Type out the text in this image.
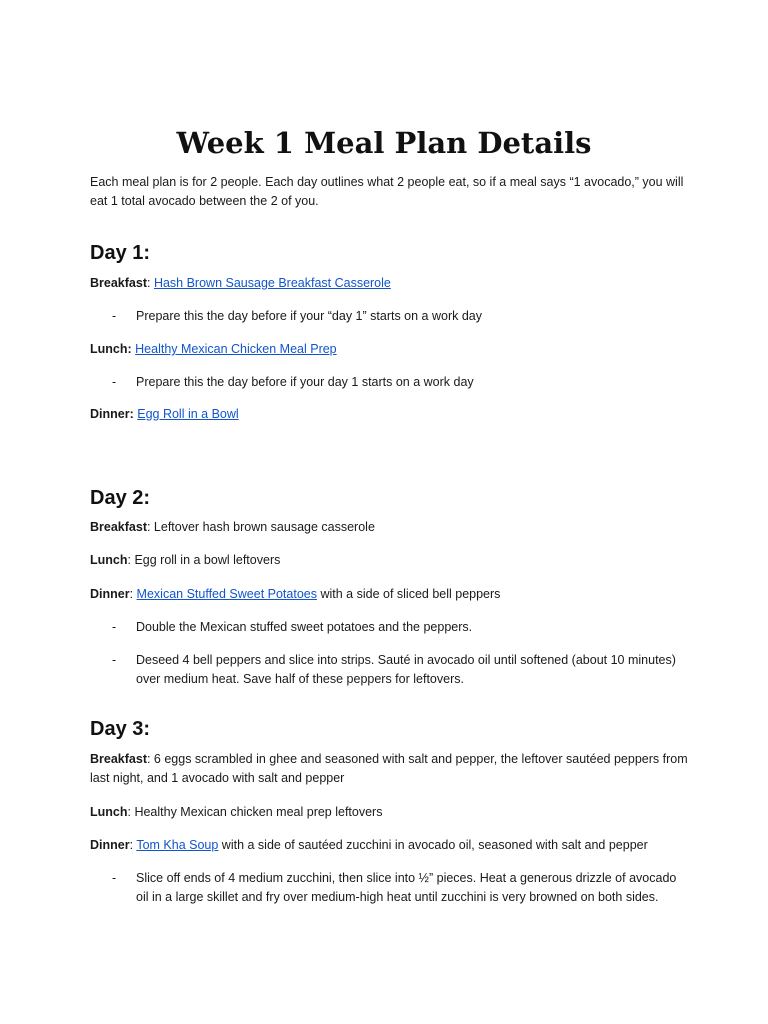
Week 1 Meal Plan Details
Each meal plan is for 2 people. Each day outlines what 2 people eat, so if a meal says “1 avocado,” you will eat 1 total avocado between the 2 of you.
Day 1:
Breakfast: Hash Brown Sausage Breakfast Casserole
- Prepare this the day before if your “day 1” starts on a work day
Lunch: Healthy Mexican Chicken Meal Prep
- Prepare this the day before if your day 1 starts on a work day
Dinner: Egg Roll in a Bowl
Day 2:
Breakfast: Leftover hash brown sausage casserole
Lunch: Egg roll in a bowl leftovers
Dinner: Mexican Stuffed Sweet Potatoes with a side of sliced bell peppers
- Double the Mexican stuffed sweet potatoes and the peppers.
- Deseed 4 bell peppers and slice into strips. Sauté in avocado oil until softened (about 10 minutes) over medium heat. Save half of these peppers for leftovers.
Day 3:
Breakfast: 6 eggs scrambled in ghee and seasoned with salt and pepper, the leftover sautéed peppers from last night, and 1 avocado with salt and pepper
Lunch: Healthy Mexican chicken meal prep leftovers
Dinner: Tom Kha Soup with a side of sautéed zucchini in avocado oil, seasoned with salt and pepper
- Slice off ends of 4 medium zucchini, then slice into ½” pieces. Heat a generous drizzle of avocado oil in a large skillet and fry over medium-high heat until zucchini is very browned on both sides.
